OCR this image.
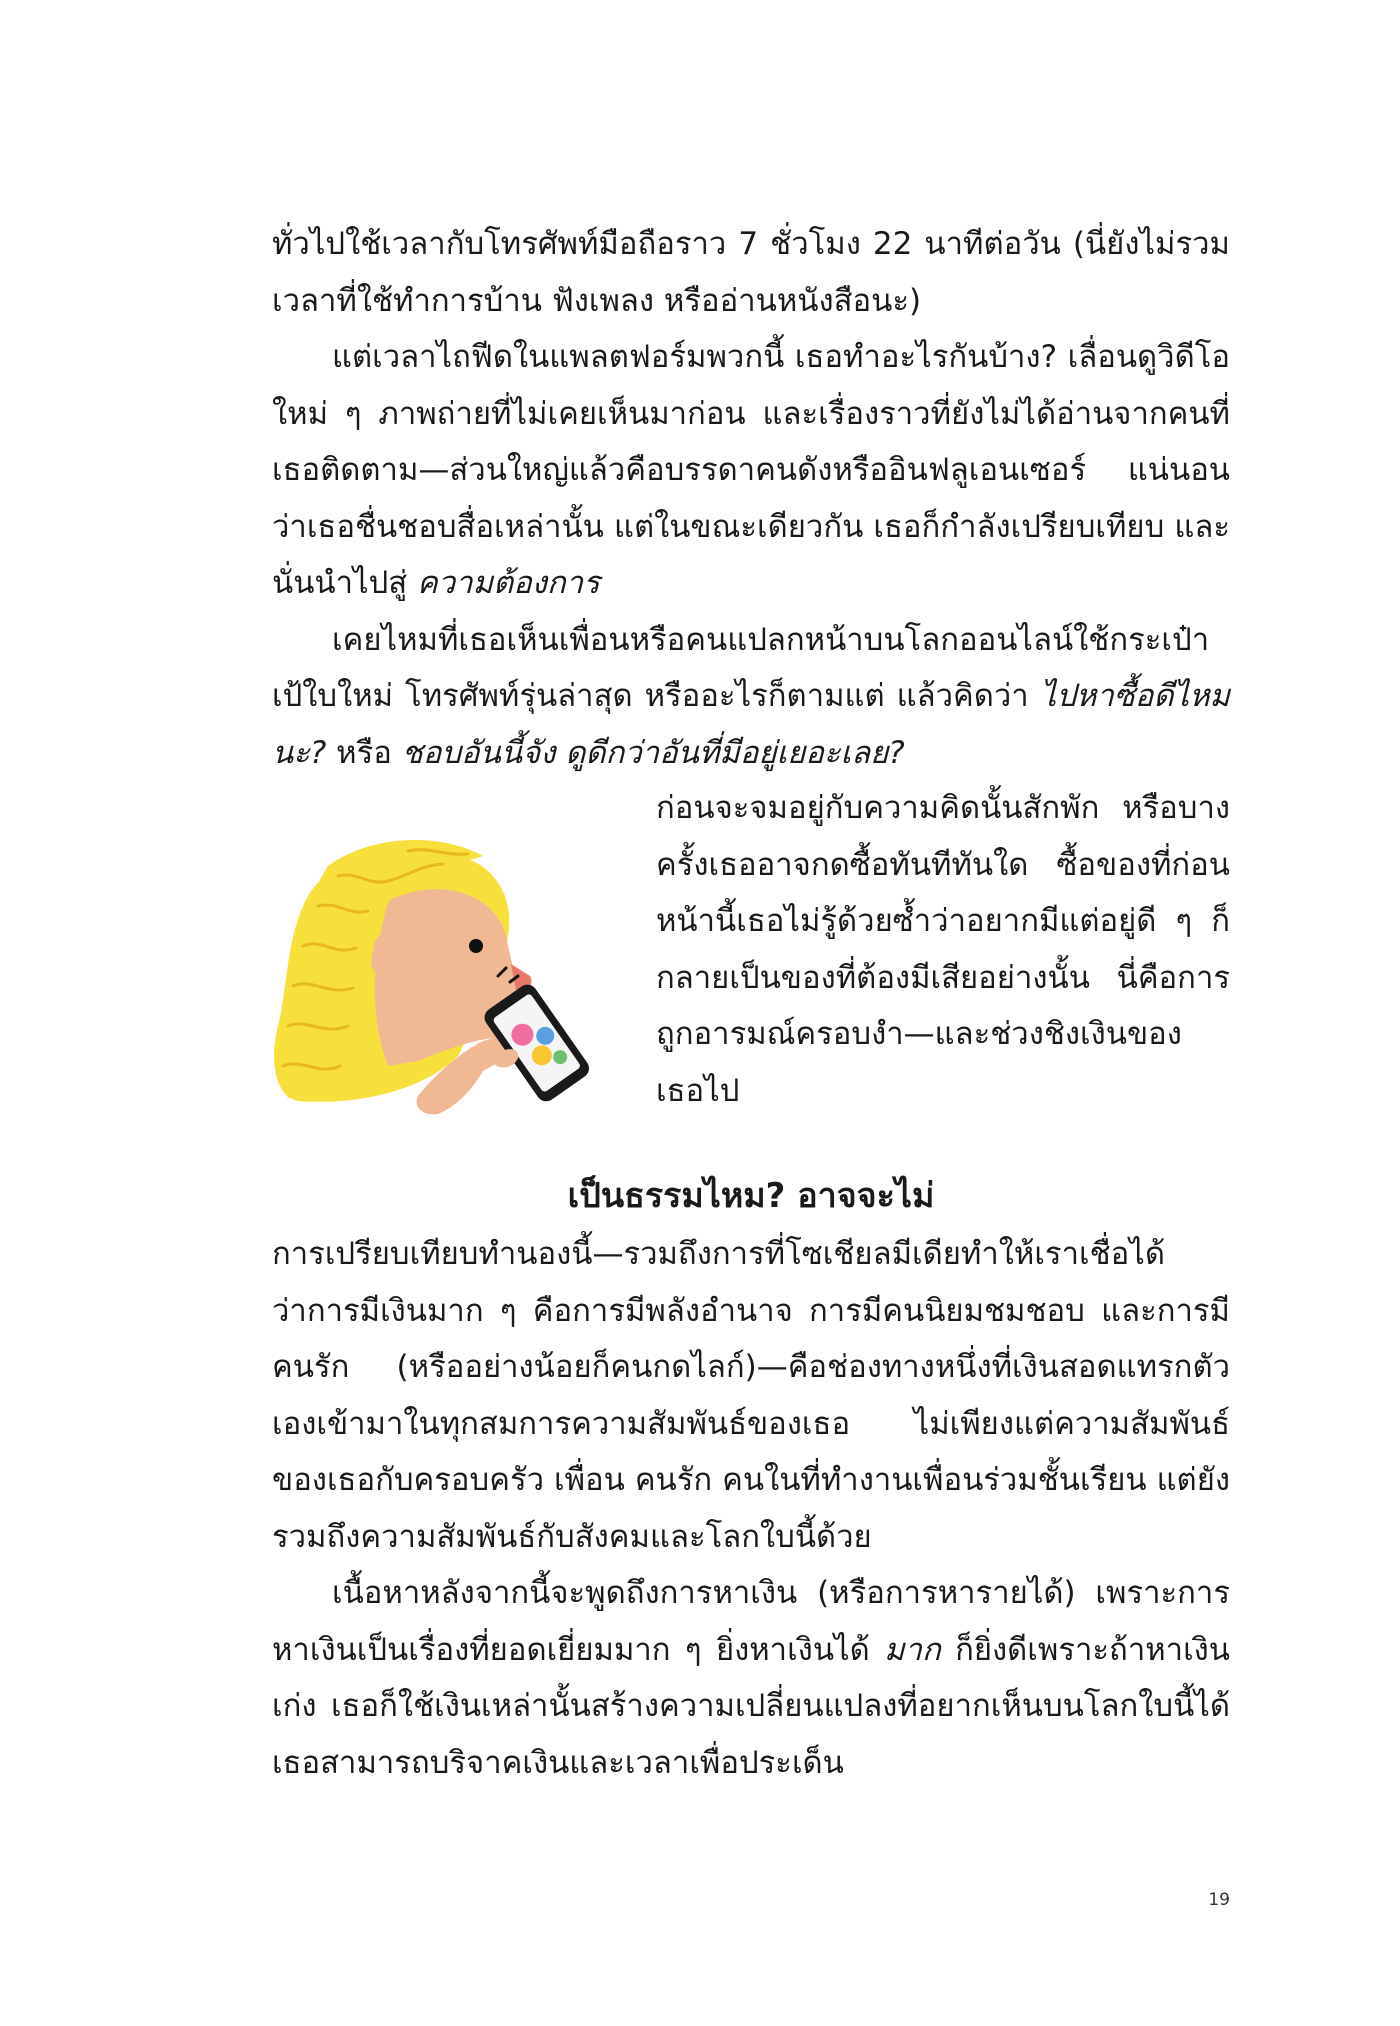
ทั่วไปใช้เวลากับโทรศัพท์มือถือราว 7 ชั่วโมง 22 นาทีต่อวัน (นี่ยังไม่รวมเวลาที่ใช้ทำการบ้าน ฟังเพลง หรืออ่านหนังสือนะ)

แต่เวลาไถฟีดในแพลตฟอร์มพวกนี้ เธอทำอะไรกันบ้าง? เลื่อนดูวิดีโอใหม่ ๆ ภาพถ่ายที่ไม่เคยเห็นมาก่อน และเรื่องราวที่ยังไม่ได้อ่านจากคนที่เธอติดตาม—ส่วนใหญ่แล้วคือบรรดาคนดังหรืออินฟลูเอนเซอร์ แน่นอนว่าเธอชื่นชอบสื่อเหล่านั้น แต่ในขณะเดียวกัน เธอก็กำลังเปรียบเทียบ และนั่นนำไปสู่ ความต้องการ

เคยไหมที่เธอเห็นเพื่อนหรือคนแปลกหน้าบนโลกออนไลน์ใช้กระเป๋าเป้ใบใหม่ โทรศัพท์รุ่นล่าสุด หรืออะไรก็ตามแต่ แล้วคิดว่า ไปหาซื้อดีไหมนะ? หรือ ชอบอันนี้จัง ดูดีกว่าอันที่มีอยู่เยอะเลย?

ก่อนจะจมอยู่กับความคิดนั้นสักพัก หรือบางครั้งเธออาจกดซื้อทันทีทันใด ซื้อของที่ก่อนหน้านี้เธอไม่รู้ด้วยซ้ำว่าอยากมีแต่อยู่ดี ๆ ก็กลายเป็นของที่ต้องมีเสียอย่างนั้น นี่คือการถูกอารมณ์ครอบงำ—และช่วงชิงเงินของเธอไป

เป็นธรรมไหม? อาจจะไม่

การเปรียบเทียบทำนองนี้—รวมถึงการที่โซเชียลมีเดียทำให้เราเชื่อได้ว่าการมีเงินมาก ๆ คือการมีพลังอำนาจ การมีคนนิยมชมชอบ และการมีคนรัก (หรืออย่างน้อยก็คนกดไลก์)—คือช่องทางหนึ่งที่เงินสอดแทรกตัวเองเข้ามาในทุกสมการความสัมพันธ์ของเธอ ไม่เพียงแต่ความสัมพันธ์ของเธอกับครอบครัว เพื่อน คนรัก คนในที่ทำงานเพื่อนร่วมชั้นเรียน แต่ยังรวมถึงความสัมพันธ์กับสังคมและโลกใบนี้ด้วย

เนื้อหาหลังจากนี้จะพูดถึงการหาเงิน (หรือการหารายได้) เพราะการหาเงินเป็นเรื่องที่ยอดเยี่ยมมาก ๆ ยิ่งหาเงินได้ มาก ก็ยิ่งดีเพราะถ้าหาเงินเก่ง เธอก็ใช้เงินเหล่านั้นสร้างความเปลี่ยนแปลงที่อยากเห็นบนโลกใบนี้ได้ เธอสามารถบริจาคเงินและเวลาเพื่อประเด็น

19
